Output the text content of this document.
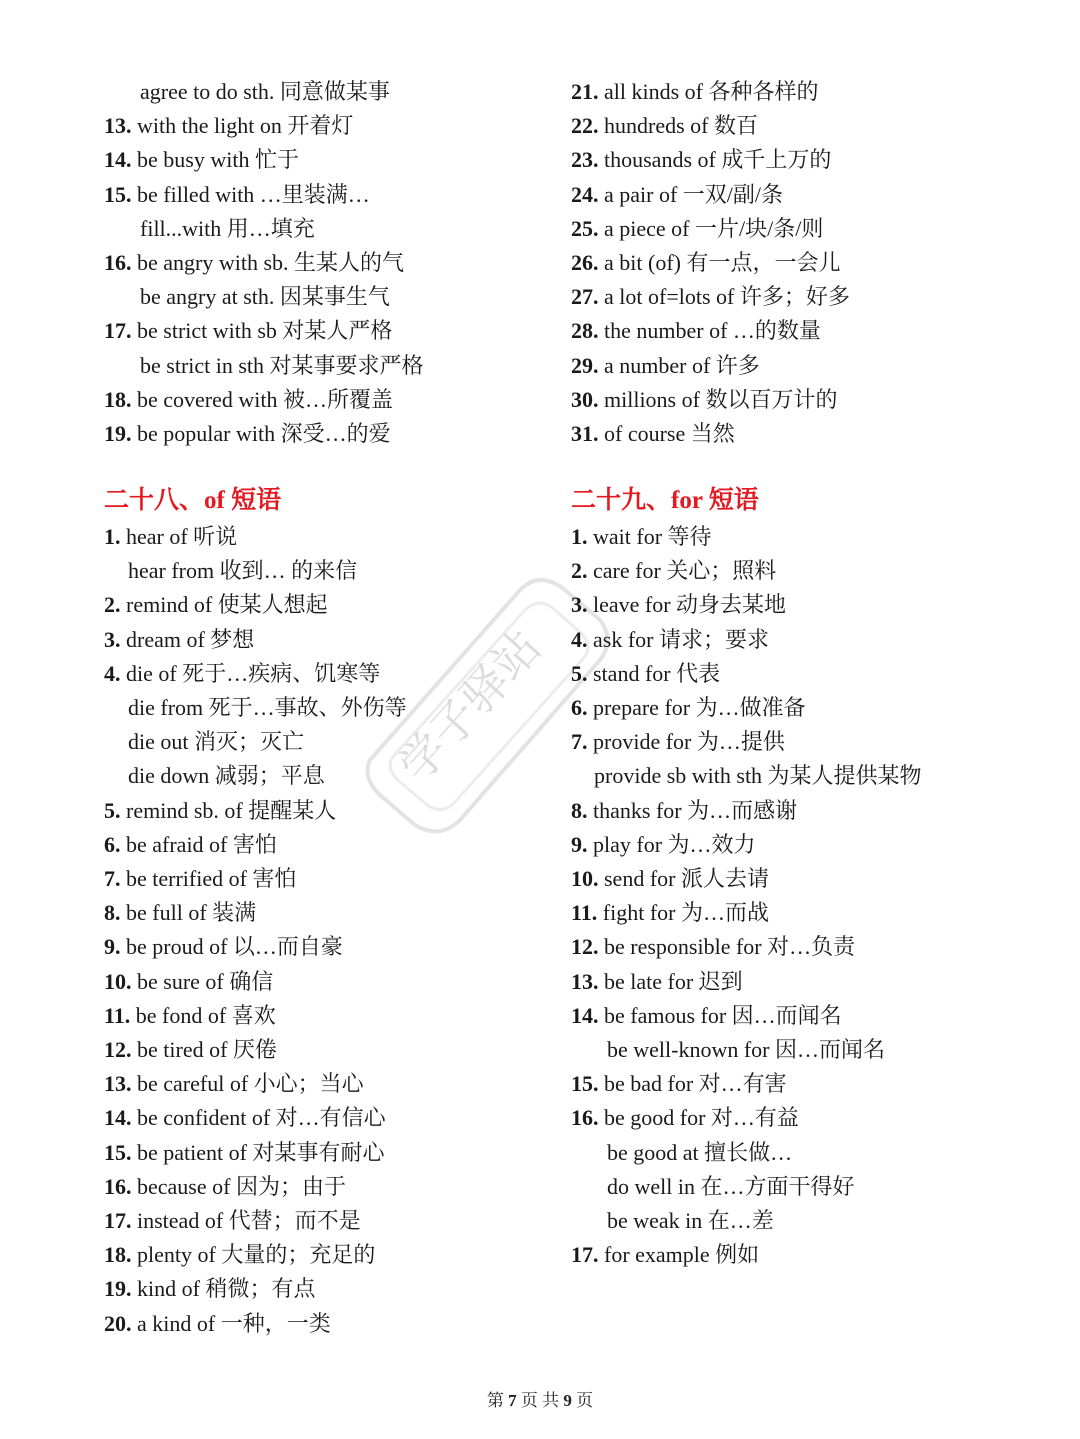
学子驿站
agree to do sth. 同意做某事
13. with the light on 开着灯
14. be busy with 忙于
15. be filled with …里装满…
fill...with 用…填充
16. be angry with sb. 生某人的气
be angry at sth. 因某事生气
17. be strict with sb 对某人严格
be strict in sth 对某事要求严格
18. be covered with 被…所覆盖
19. be popular with 深受…的爱
21. all kinds of 各种各样的
22. hundreds of 数百
23. thousands of 成千上万的
24. a pair of 一双/副/条
25. a piece of 一片/块/条/则
26. a bit (of) 有一点，一会儿
27. a lot of=lots of 许多；好多
28. the number of …的数量
29. a number of 许多
30. millions of 数以百万计的
31. of course 当然
二十八、of 短语	二十九、for 短语
1. hear of 听说
hear from 收到… 的来信
2. remind of 使某人想起
3. dream of 梦想
4. die of 死于…疾病、饥寒等
die from 死于…事故、外伤等
die out 消灭；灭亡
die down 减弱；平息
5. remind sb. of 提醒某人
6. be afraid of 害怕
7. be terrified of 害怕
8. be full of 装满
9. be proud of 以…而自豪
10. be sure of 确信
11. be fond of 喜欢
12. be tired of 厌倦
13. be careful of 小心；当心
14. be confident of 对…有信心
15. be patient of 对某事有耐心
16. because of 因为；由于
17. instead of 代替；而不是
18. plenty of 大量的；充足的
19. kind of 稍微；有点
20. a kind of 一种，一类
1. wait for 等待
2. care for 关心；照料
3. leave for 动身去某地
4. ask for 请求；要求
5. stand for 代表
6. prepare for 为…做准备
7. provide for 为…提供
provide sb with sth 为某人提供某物
8. thanks for 为…而感谢
9. play for 为…效力
10. send for 派人去请
11. fight for 为…而战
12. be responsible for 对…负责
13. be late for 迟到
14. be famous for 因…而闻名
be well-known for 因…而闻名
15. be bad for 对…有害
16. be good for 对…有益
be good at 擅长做…
do well in 在…方面干得好
be weak in 在…差
17. for example 例如
第 7 页 共 9 页
